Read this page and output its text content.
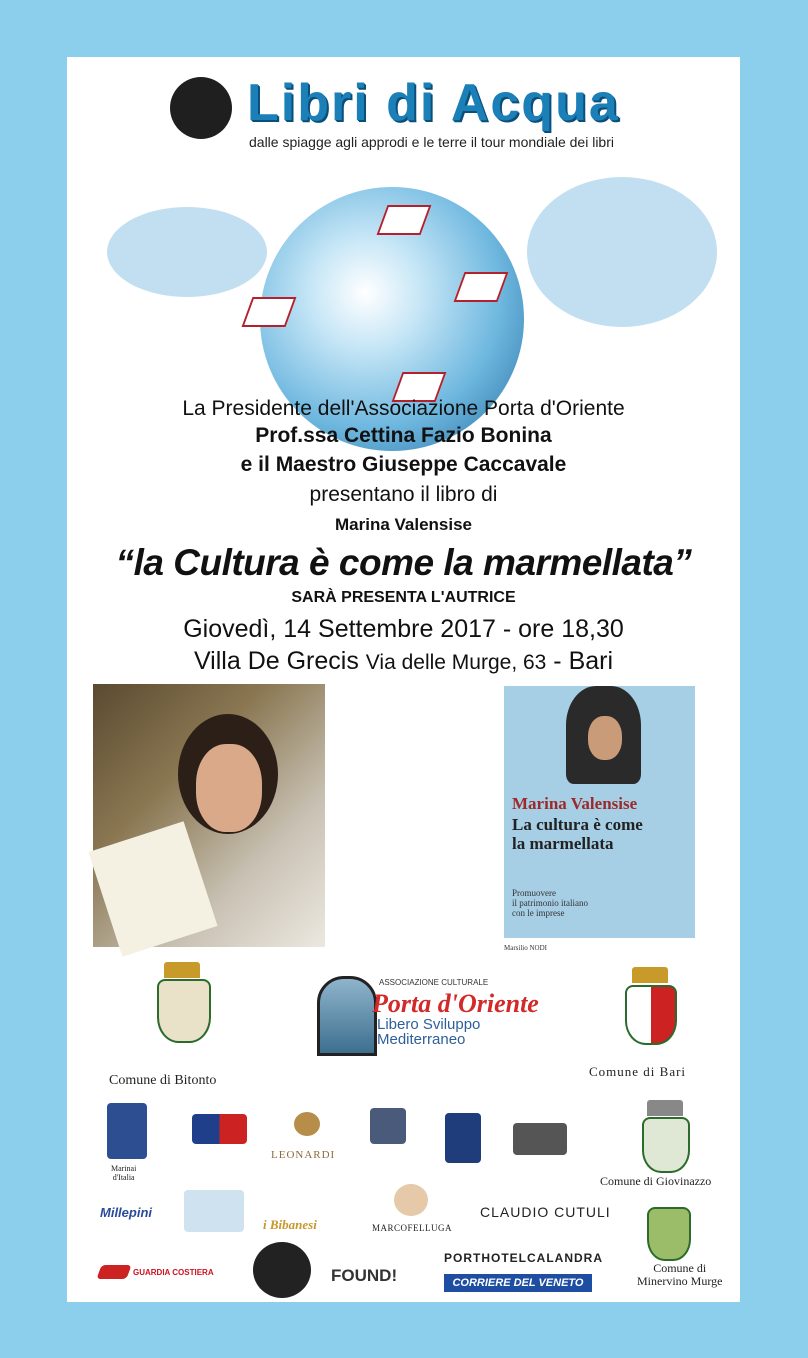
Libri di Acqua
dalle spiagge agli approdi e le terre il tour mondiale dei libri
La Presidente dell'Associazione Porta d'Oriente
Prof.ssa Cettina Fazio Bonina
e il Maestro Giuseppe Caccavale
presentano il libro di
Marina Valensise
“la Cultura è come la marmellata”
SARÀ PRESENTA L'AUTRICE
Giovedì, 14 Settembre 2017 - ore 18,30
Villa De Grecis Via delle Murge, 63 - Bari
Marina Valensise
La cultura è come
la marmellata
Promuovere
il patrimonio italiano
con le imprese
Marsilio NODI
Comune di Bitonto
ASSOCIAZIONE CULTURALE
Porta d'Oriente
Libero Sviluppo
Mediterraneo
Comune di Bari
Marinai
d'Italia
LEONARDI
Comune di Giovinazzo
Millepini
i Bibanesi	MARCOFELLUGA
CLAUDIO CUTULI
Comune di
Minervino Murge
GUARDIA COSTIERA	FOUND!
PORTHOTELCALANDRA
CORRIERE DEL VENETO
